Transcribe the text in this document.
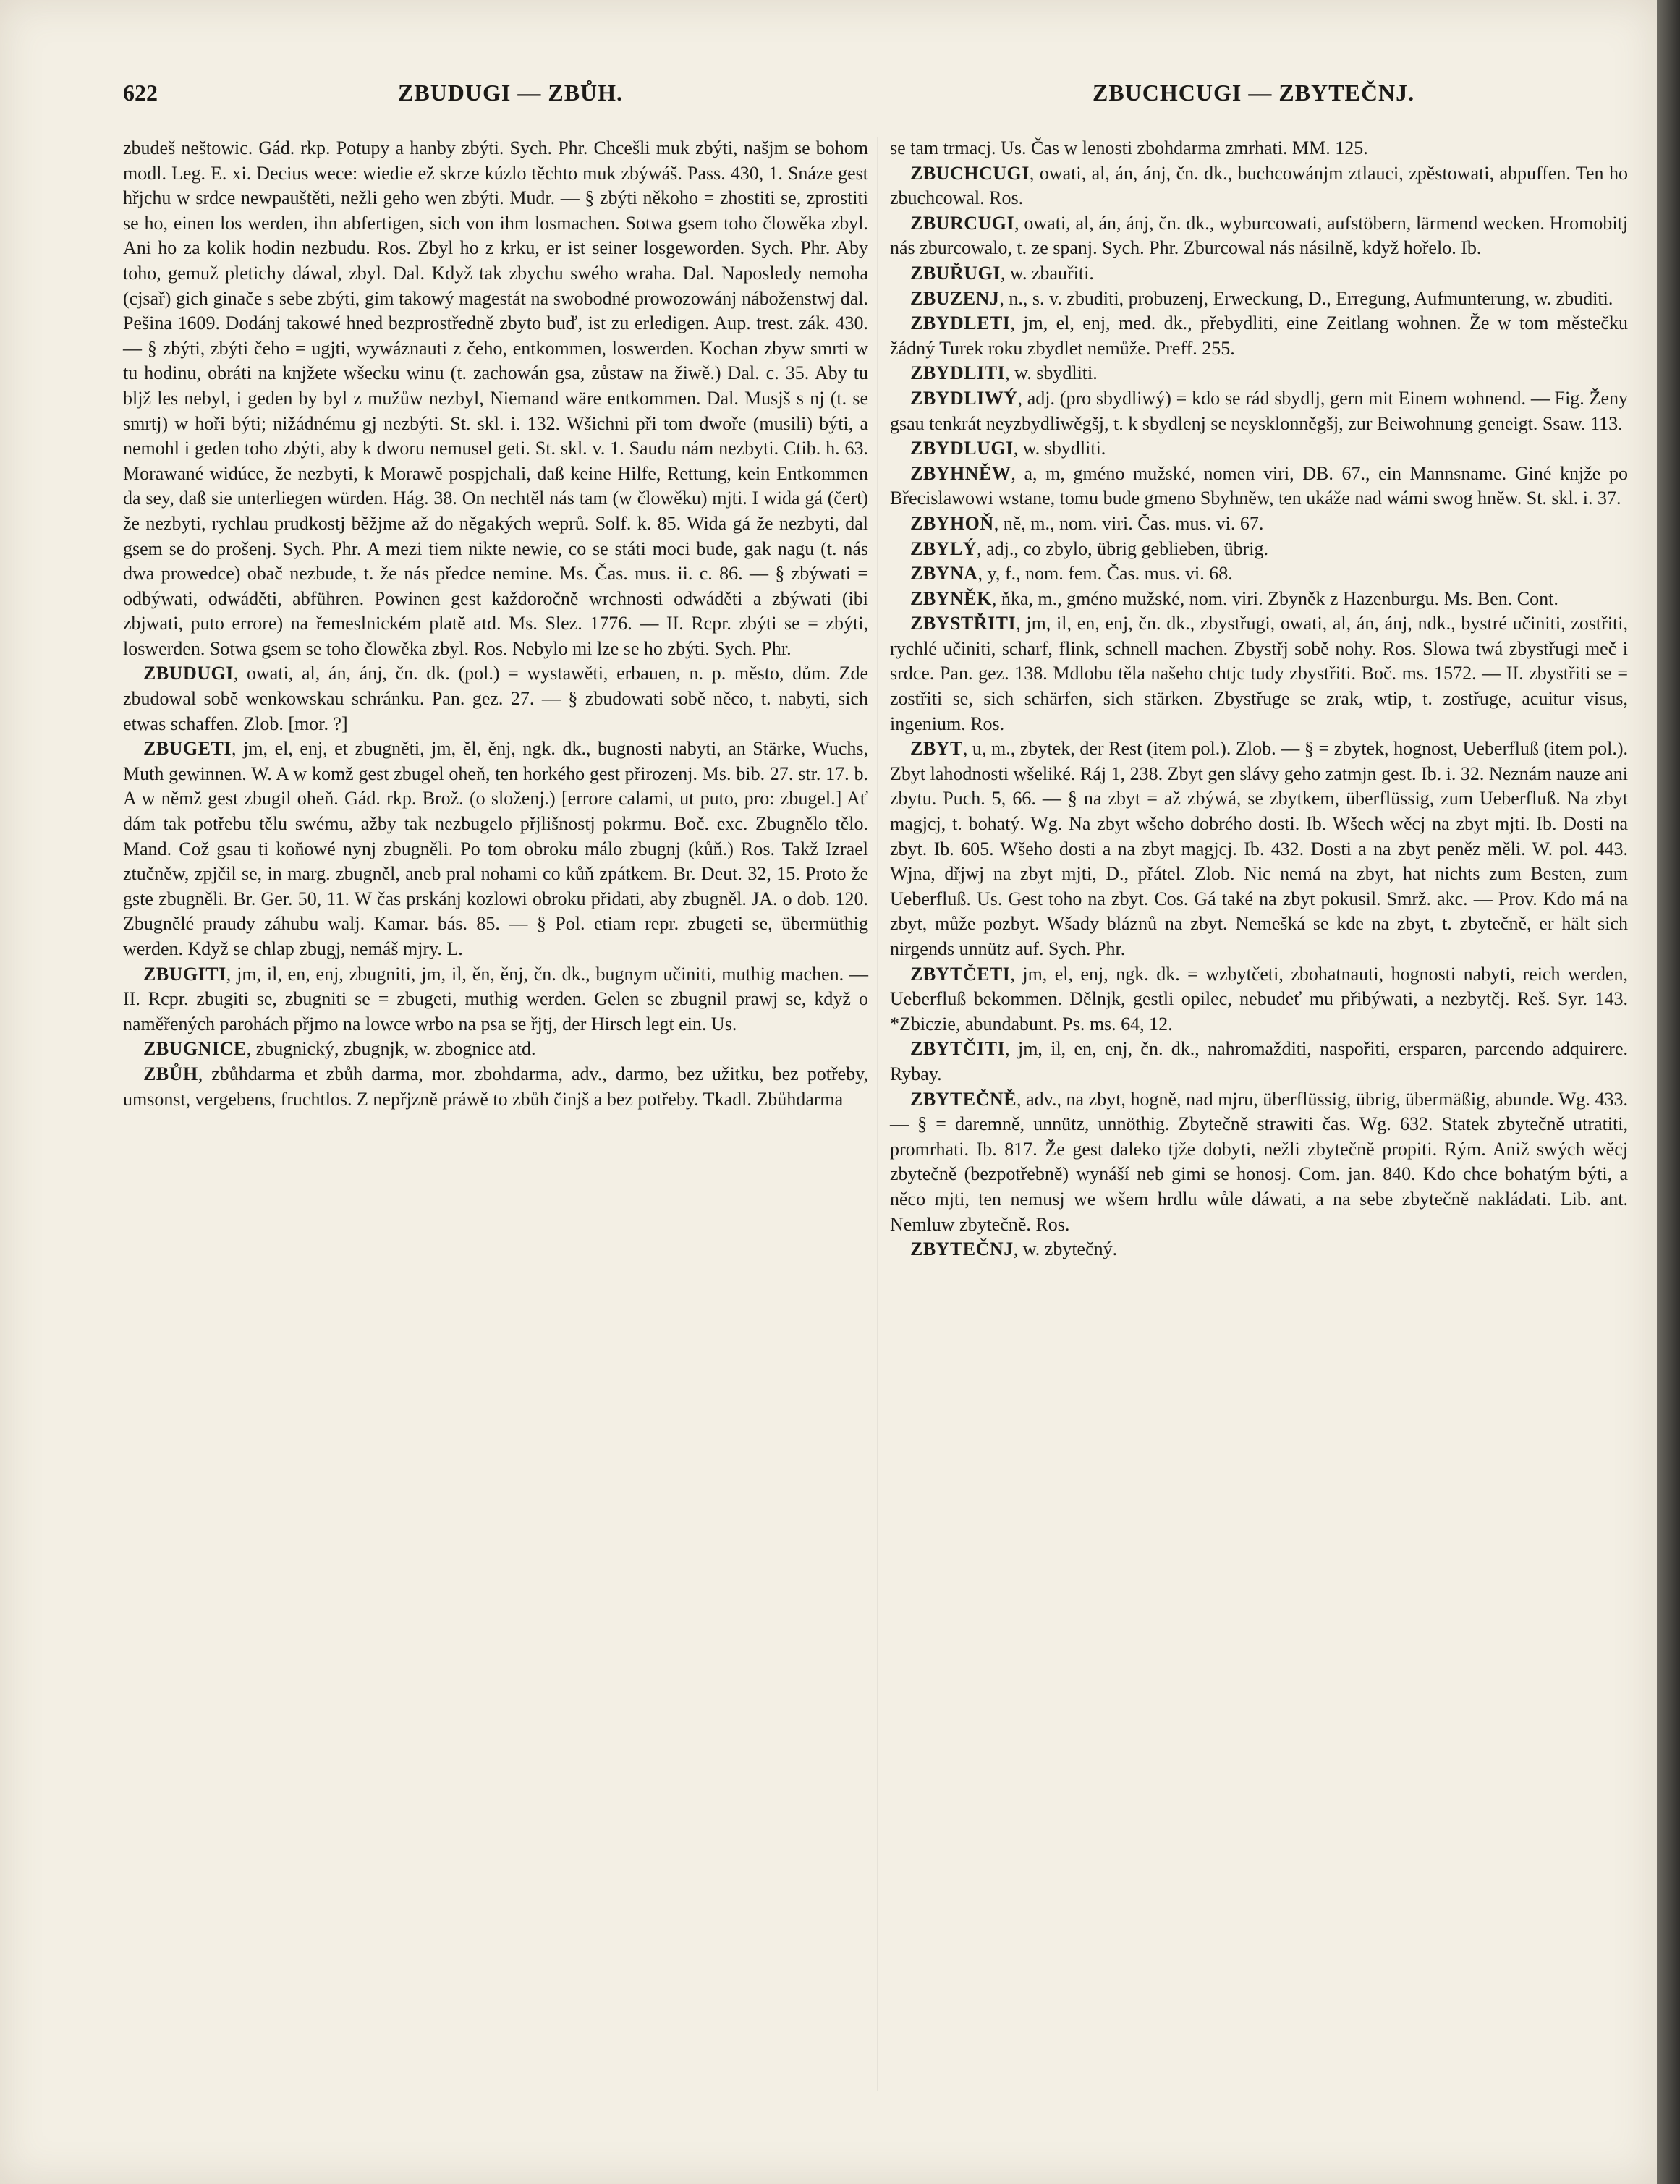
622	ZBUDUGI — ZBŮH.	ZBUCHCUGI — ZBYTEČNJ.

zbudeš neštowic. Gád. rkp. Potupy a hanby zbýti. Sych. Phr. Chcešli muk zbýti, našjm se bohom modl. Leg. E. xi. Decius wece: wiedie ež skrze kúzlo těchto muk zbýwáš. Pass. 430, 1. Snáze gest hřjchu w srdce newpauštěti, nežli geho wen zbýti. Mudr. — § zbýti někoho = zhostiti se, zprostiti se ho, einen los werden, ihn abfertigen, sich von ihm losmachen. Sotwa gsem toho člowěka zbyl. Ani ho za kolik hodin nezbudu. Ros. Zbyl ho z krku, er ist seiner losgeworden. Sych. Phr. Aby toho, gemuž pletichy dáwal, zbyl. Dal. Když tak zbychu swého wraha. Dal. Naposledy nemoha (cjsař) gich ginače s sebe zbýti, gim takowý magestát na swobodné prowozowánj náboženstwj dal. Pešina 1609. Dodánj takowé hned bezprostředně zbyto buď, ist zu erledigen. Aup. trest. zák. 430. — § zbýti, zbýti čeho = ugjti, wywáznauti z čeho, entkommen, loswerden. Kochan zbyw smrti w tu hodinu, obráti na knjžete wšecku winu (t. zachowán gsa, zůstaw na žiwě.) Dal. c. 35. Aby tu bljž les nebyl, i geden by byl z mužůw nezbyl, Niemand wäre entkommen. Dal. Musjš s nj (t. se smrtj) w hoři býti; nižádnému gj nezbýti. St. skl. i. 132. Wšichni při tom dwoře (musili) býti, a nemohl i geden toho zbýti, aby k dworu nemusel geti. St. skl. v. 1. Saudu nám nezbyti. Ctib. h. 63. Morawané widúce, že nezbyti, k Morawě pospjchali, daß keine Hilfe, Rettung, kein Entkommen da sey, daß sie unterliegen würden. Hág. 38. On nechtěl nás tam (w člowěku) mjti. I wida gá (čert) že nezbyti, rychlau prudkostj běžjme až do něgakých weprů. Solf. k. 85. Wida gá že nezbyti, dal gsem se do prošenj. Sych. Phr. A mezi tiem nikte newie, co se státi moci bude, gak nagu (t. nás dwa prowedce) obač nezbude, t. že nás předce nemine. Ms. Čas. mus. ii. c. 86. — § zbýwati = odbýwati, odwáděti, abführen. Powinen gest každoročně wrchnosti odwáděti a zbýwati (ibi zbjwati, puto errore) na řemeslnickém platě atd. Ms. Slez. 1776. — II. Rcpr. zbýti se = zbýti, loswerden. Sotwa gsem se toho člowěka zbyl. Ros. Nebylo mi lze se ho zbýti. Sych. Phr.

ZBUDUGI, owati, al, án, ánj, čn. dk. (pol.) = wystawěti, erbauen, n. p. město, dům. Zde zbudowal sobě wenkowskau schránku. Pan. gez. 27. — § zbudowati sobě něco, t. nabyti, sich etwas schaffen. Zlob. [mor. ?]

ZBUGETI, jm, el, enj, et zbugněti, jm, ěl, ěnj, ngk. dk., bugnosti nabyti, an Stärke, Wuchs, Muth gewinnen. W. A w komž gest zbugel oheň, ten horkého gest přirozenj. Ms. bib. 27. str. 17. b. A w němž gest zbugil oheň. Gád. rkp. Brož. (o složenj.) [errore calami, ut puto, pro: zbugel.] Ať dám tak potřebu tělu swému, ažby tak nezbugelo přjlišnostj pokrmu. Boč. exc. Zbugnělo tělo. Mand. Což gsau ti koňowé nynj zbugněli. Po tom obroku málo zbugnj (kůň.) Ros. Takž Izrael ztučněw, zpjčil se, in marg. zbugněl, aneb pral nohami co kůň zpátkem. Br. Deut. 32, 15. Proto že gste zbugněli. Br. Ger. 50, 11. W čas prskánj kozlowi obroku přidati, aby zbugněl. JA. o dob. 120. Zbugnělé praudy záhubu walj. Kamar. bás. 85. — § Pol. etiam repr. zbugeti se, übermüthig werden. Když se chlap zbugj, nemáš mjry. L.

ZBUGITI, jm, il, en, enj, zbugniti, jm, il, ěn, ěnj, čn. dk., bugnym učiniti, muthig machen. — II. Rcpr. zbugiti se, zbugniti se = zbugeti, muthig werden. Gelen se zbugnil prawj se, když o naměřených parohách přjmo na lowce wrbo na psa se řjtj, der Hirsch legt ein. Us.

ZBUGNICE, zbugnický, zbugnjk, w. zbognice atd.

ZBŮH, zbůhdarma et zbůh darma, mor. zbohdarma, adv., darmo, bez užitku, bez potřeby, umsonst, vergebens, fruchtlos. Z nepřjzně práwě to zbůh činjš a bez potřeby. Tkadl. Zbůhdarma

se tam trmacj. Us. Čas w lenosti zbohdarma zmrhati. MM. 125.

ZBUCHCUGI, owati, al, án, ánj, čn. dk., buchcowánjm ztlauci, zpěstowati, abpuffen. Ten ho zbuchcowal. Ros.

ZBURCUGI, owati, al, án, ánj, čn. dk., wyburcowati, aufstöbern, lärmend wecken. Hromobitj nás zburcowalo, t. ze spanj. Sych. Phr. Zburcowal nás násilně, když hořelo. Ib.

ZBUŘUGI, w. zbauřiti.

ZBUZENJ, n., s. v. zbuditi, probuzenj, Erweckung, D., Erregung, Aufmunterung, w. zbuditi.

ZBYDLETI, jm, el, enj, med. dk., přebydliti, eine Zeitlang wohnen. Že w tom městečku žádný Turek roku zbydlet nemůže. Preff. 255.

ZBYDLITI, w. sbydliti.

ZBYDLIWÝ, adj. (pro sbydliwý) = kdo se rád sbydlj, gern mit Einem wohnend. — Fig. Ženy gsau tenkrát neyzbydliwěgšj, t. k sbydlenj se neysklonněgšj, zur Beiwohnung geneigt. Ssaw. 113.

ZBYDLUGI, w. sbydliti.

ZBYHNĚW, a, m, gméno mužské, nomen viri, DB. 67., ein Mannsname. Giné knjže po Břecislawowi wstane, tomu bude gmeno Sbyhněw, ten ukáže nad wámi swog hněw. St. skl. i. 37.

ZBYHOŇ, ně, m., nom. viri. Čas. mus. vi. 67.

ZBYLÝ, adj., co zbylo, übrig geblieben, übrig.

ZBYNA, y, f., nom. fem. Čas. mus. vi. 68.

ZBYNĚK, ňka, m., gméno mužské, nom. viri. Zbyněk z Hazenburgu. Ms. Ben. Cont.

ZBYSTŘITI, jm, il, en, enj, čn. dk., zbystřugi, owati, al, án, ánj, ndk., bystré učiniti, zostřiti, rychlé učiniti, scharf, flink, schnell machen. Zbystřj sobě nohy. Ros. Slowa twá zbystřugi meč i srdce. Pan. gez. 138. Mdlobu těla našeho chtjc tudy zbystřiti. Boč. ms. 1572. — II. zbystřiti se = zostřiti se, sich schärfen, sich stärken. Zbystřuge se zrak, wtip, t. zostřuge, acuitur visus, ingenium. Ros.

ZBYT, u, m., zbytek, der Rest (item pol.). Zlob. — § = zbytek, hognost, Ueberfluß (item pol.). Zbyt lahodnosti wšeliké. Ráj 1, 238. Zbyt gen slávy geho zatmjn gest. Ib. i. 32. Neznám nauze ani zbytu. Puch. 5, 66. — § na zbyt = až zbýwá, se zbytkem, überflüssig, zum Ueberfluß. Na zbyt magjcj, t. bohatý. Wg. Na zbyt wšeho dobrého dosti. Ib. Wšech wěcj na zbyt mjti. Ib. Dosti na zbyt. Ib. 605. Wšeho dosti a na zbyt magjcj. Ib. 432. Dosti a na zbyt peněz měli. W. pol. 443. Wjna, dřjwj na zbyt mjti, D., přátel. Zlob. Nic nemá na zbyt, hat nichts zum Besten, zum Ueberfluß. Us. Gest toho na zbyt. Cos. Gá také na zbyt pokusil. Smrž. akc. — Prov. Kdo má na zbyt, může pozbyt. Wšady bláznů na zbyt. Nemešká se kde na zbyt, t. zbytečně, er hält sich nirgends unnütz auf. Sych. Phr.

ZBYTČETI, jm, el, enj, ngk. dk. = wzbytčeti, zbohatnauti, hognosti nabyti, reich werden, Ueberfluß bekommen. Dělnjk, gestli opilec, nebudeť mu přibýwati, a nezbytčj. Reš. Syr. 143. *Zbiczie, abundabunt. Ps. ms. 64, 12.

ZBYTČITI, jm, il, en, enj, čn. dk., nahromažditi, naspořiti, ersparen, parcendo adquirere. Rybay.

ZBYTEČNĚ, adv., na zbyt, hogně, nad mjru, überflüssig, übrig, übermäßig, abunde. Wg. 433. — § = daremně, unnütz, unnöthig. Zbytečně strawiti čas. Wg. 632. Statek zbytečně utratiti, promrhati. Ib. 817. Že gest daleko tjže dobyti, nežli zbytečně propiti. Rým. Aniž swých wěcj zbytečně (bezpotřebně) wynáší neb gimi se honosj. Com. jan. 840. Kdo chce bohatým býti, a něco mjti, ten nemusj we wšem hrdlu wůle dáwati, a na sebe zbytečně nakládati. Lib. ant. Nemluw zbytečně. Ros.

ZBYTEČNJ, w. zbytečný.
